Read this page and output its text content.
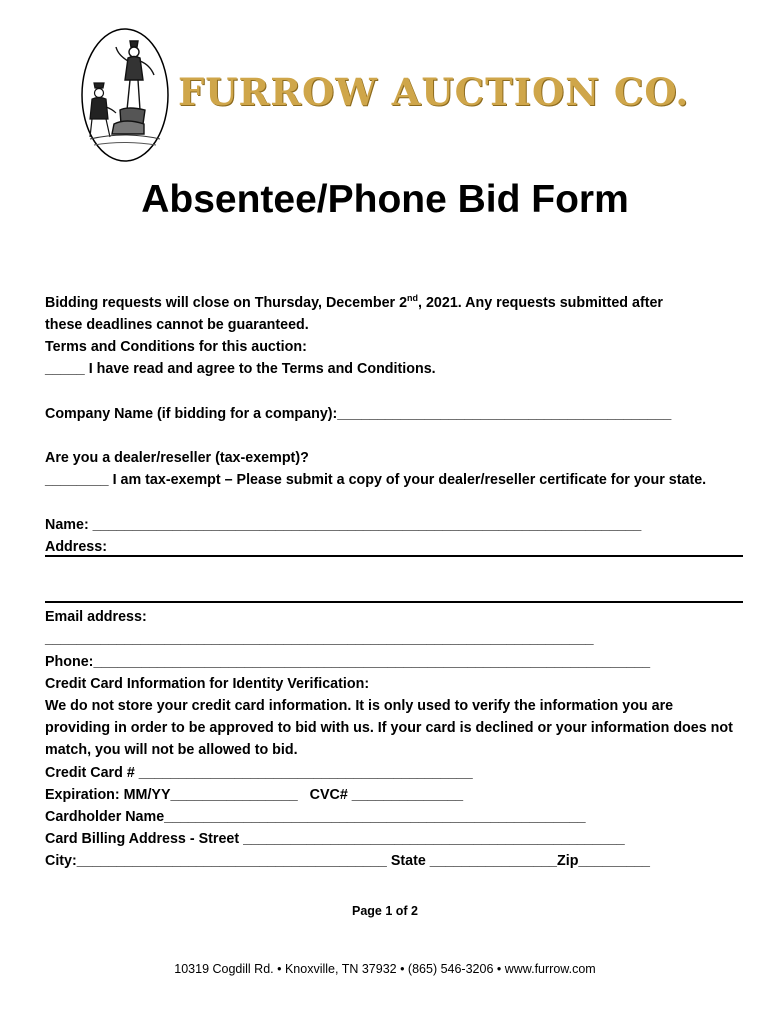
FURROW AUCTION CO.
Absentee/Phone Bid Form
Bidding requests will close on Thursday, December 2nd, 2021. Any requests submitted after
these deadlines cannot be guaranteed.
Terms and Conditions for this auction:
_____ I have read and agree to the Terms and Conditions.
Company Name (if bidding for a company):__________________________________________
Are you a dealer/reseller (tax-exempt)?
________ I am tax-exempt – Please submit a copy of your dealer/reseller certificate for your state.
Name: _____________________________________________________________________
Address:
Email address:
_____________________________________________________________________
Phone:______________________________________________________________________
Credit Card Information for Identity Verification:
We do not store your credit card information. It is only used to verify the information you are providing in order to be approved to bid with us. If your card is declined or your information does not match, you will not be allowed to bid.
Credit Card # __________________________________________
Expiration: MM/YY________________   CVC# ______________
Cardholder Name_____________________________________________________
Card Billing Address - Street ________________________________________________
City:_______________________________________ State ________________Zip_________
Page 1 of 2
10319 Cogdill Rd. • Knoxville, TN 37932 • (865) 546-3206 • www.furrow.com
